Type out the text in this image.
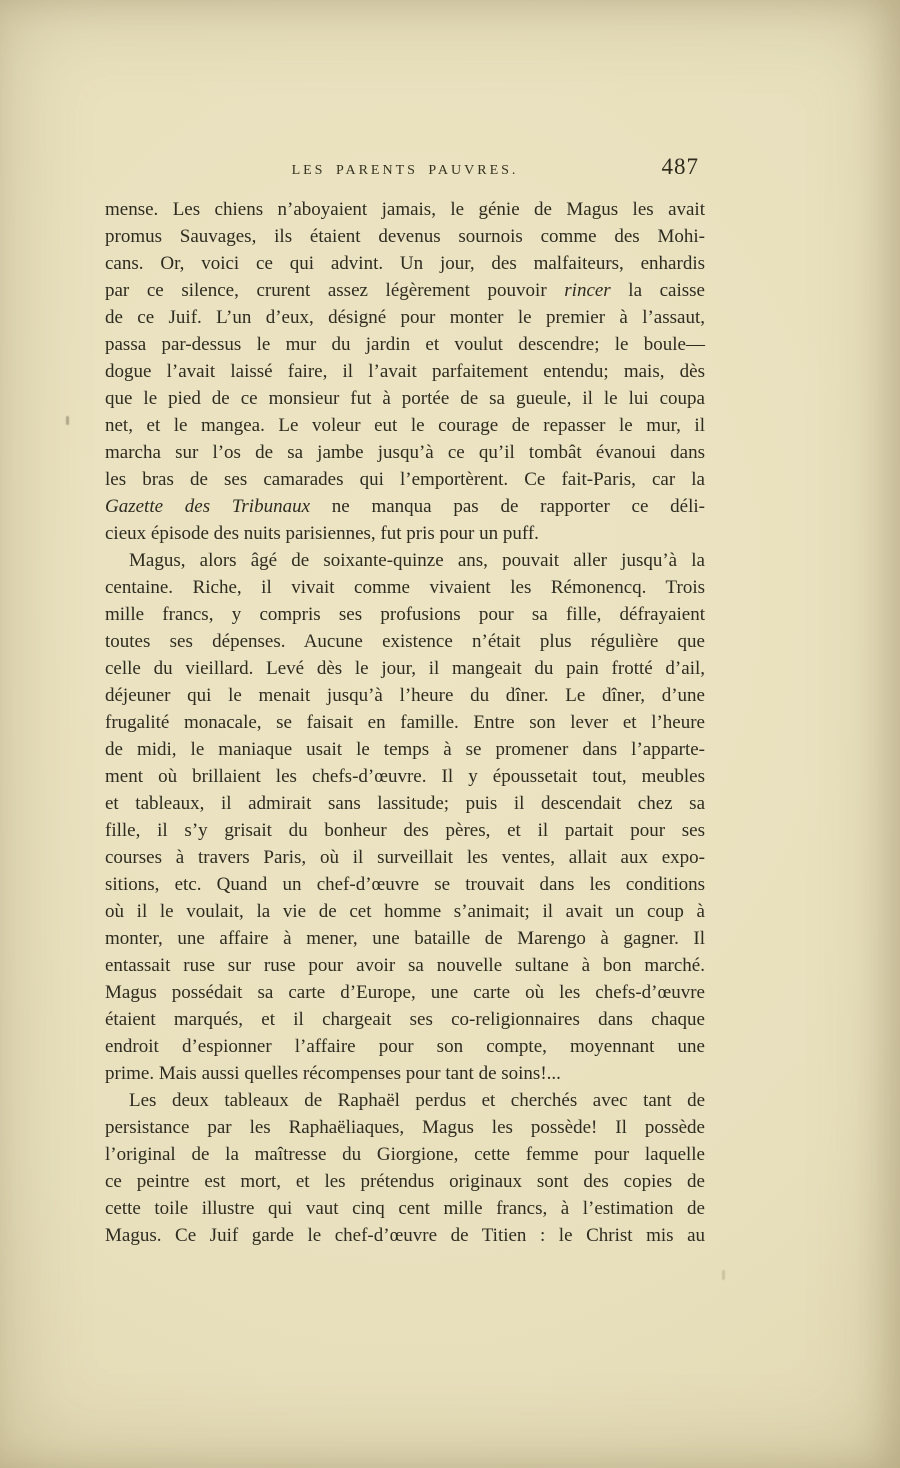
LES PARENTS PAUVRES.	487
mense. Les chiens n’aboyaient jamais, le génie de Magus les avait
promus Sauvages, ils étaient devenus sournois comme des Mohi-
cans. Or, voici ce qui advint. Un jour, des malfaiteurs, enhardis
par ce silence, crurent assez légèrement pouvoir rincer la caisse
de ce Juif. L’un d’eux, désigné pour monter le premier à l’assaut,
passa par-dessus le mur du jardin et voulut descendre; le boule—
dogue l’avait laissé faire, il l’avait parfaitement entendu; mais, dès
que le pied de ce monsieur fut à portée de sa gueule, il le lui coupa
net, et le mangea. Le voleur eut le courage de repasser le mur, il
marcha sur l’os de sa jambe jusqu’à ce qu’il tombât évanoui dans
les bras de ses camarades qui l’emportèrent. Ce fait-Paris, car la
Gazette des Tribunaux ne manqua pas de rapporter ce déli-
cieux épisode des nuits parisiennes, fut pris pour un puff.
Magus, alors âgé de soixante-quinze ans, pouvait aller jusqu’à la
centaine. Riche, il vivait comme vivaient les Rémonencq. Trois
mille francs, y compris ses profusions pour sa fille, défrayaient
toutes ses dépenses. Aucune existence n’était plus régulière que
celle du vieillard. Levé dès le jour, il mangeait du pain frotté d’ail,
déjeuner qui le menait jusqu’à l’heure du dîner. Le dîner, d’une
frugalité monacale, se faisait en famille. Entre son lever et l’heure
de midi, le maniaque usait le temps à se promener dans l’apparte-
ment où brillaient les chefs-d’œuvre. Il y époussetait tout, meubles
et tableaux, il admirait sans lassitude; puis il descendait chez sa
fille, il s’y grisait du bonheur des pères, et il partait pour ses
courses à travers Paris, où il surveillait les ventes, allait aux expo-
sitions, etc. Quand un chef-d’œuvre se trouvait dans les conditions
où il le voulait, la vie de cet homme s’animait; il avait un coup à
monter, une affaire à mener, une bataille de Marengo à gagner. Il
entassait ruse sur ruse pour avoir sa nouvelle sultane à bon marché.
Magus possédait sa carte d’Europe, une carte où les chefs-d’œuvre
étaient marqués, et il chargeait ses co-religionnaires dans chaque
endroit d’espionner l’affaire pour son compte, moyennant une
prime. Mais aussi quelles récompenses pour tant de soins!...
Les deux tableaux de Raphaël perdus et cherchés avec tant de
persistance par les Raphaëliaques, Magus les possède! Il possède
l’original de la maîtresse du Giorgione, cette femme pour laquelle
ce peintre est mort, et les prétendus originaux sont des copies de
cette toile illustre qui vaut cinq cent mille francs, à l’estimation de
Magus. Ce Juif garde le chef-d’œuvre de Titien : le Christ mis au
